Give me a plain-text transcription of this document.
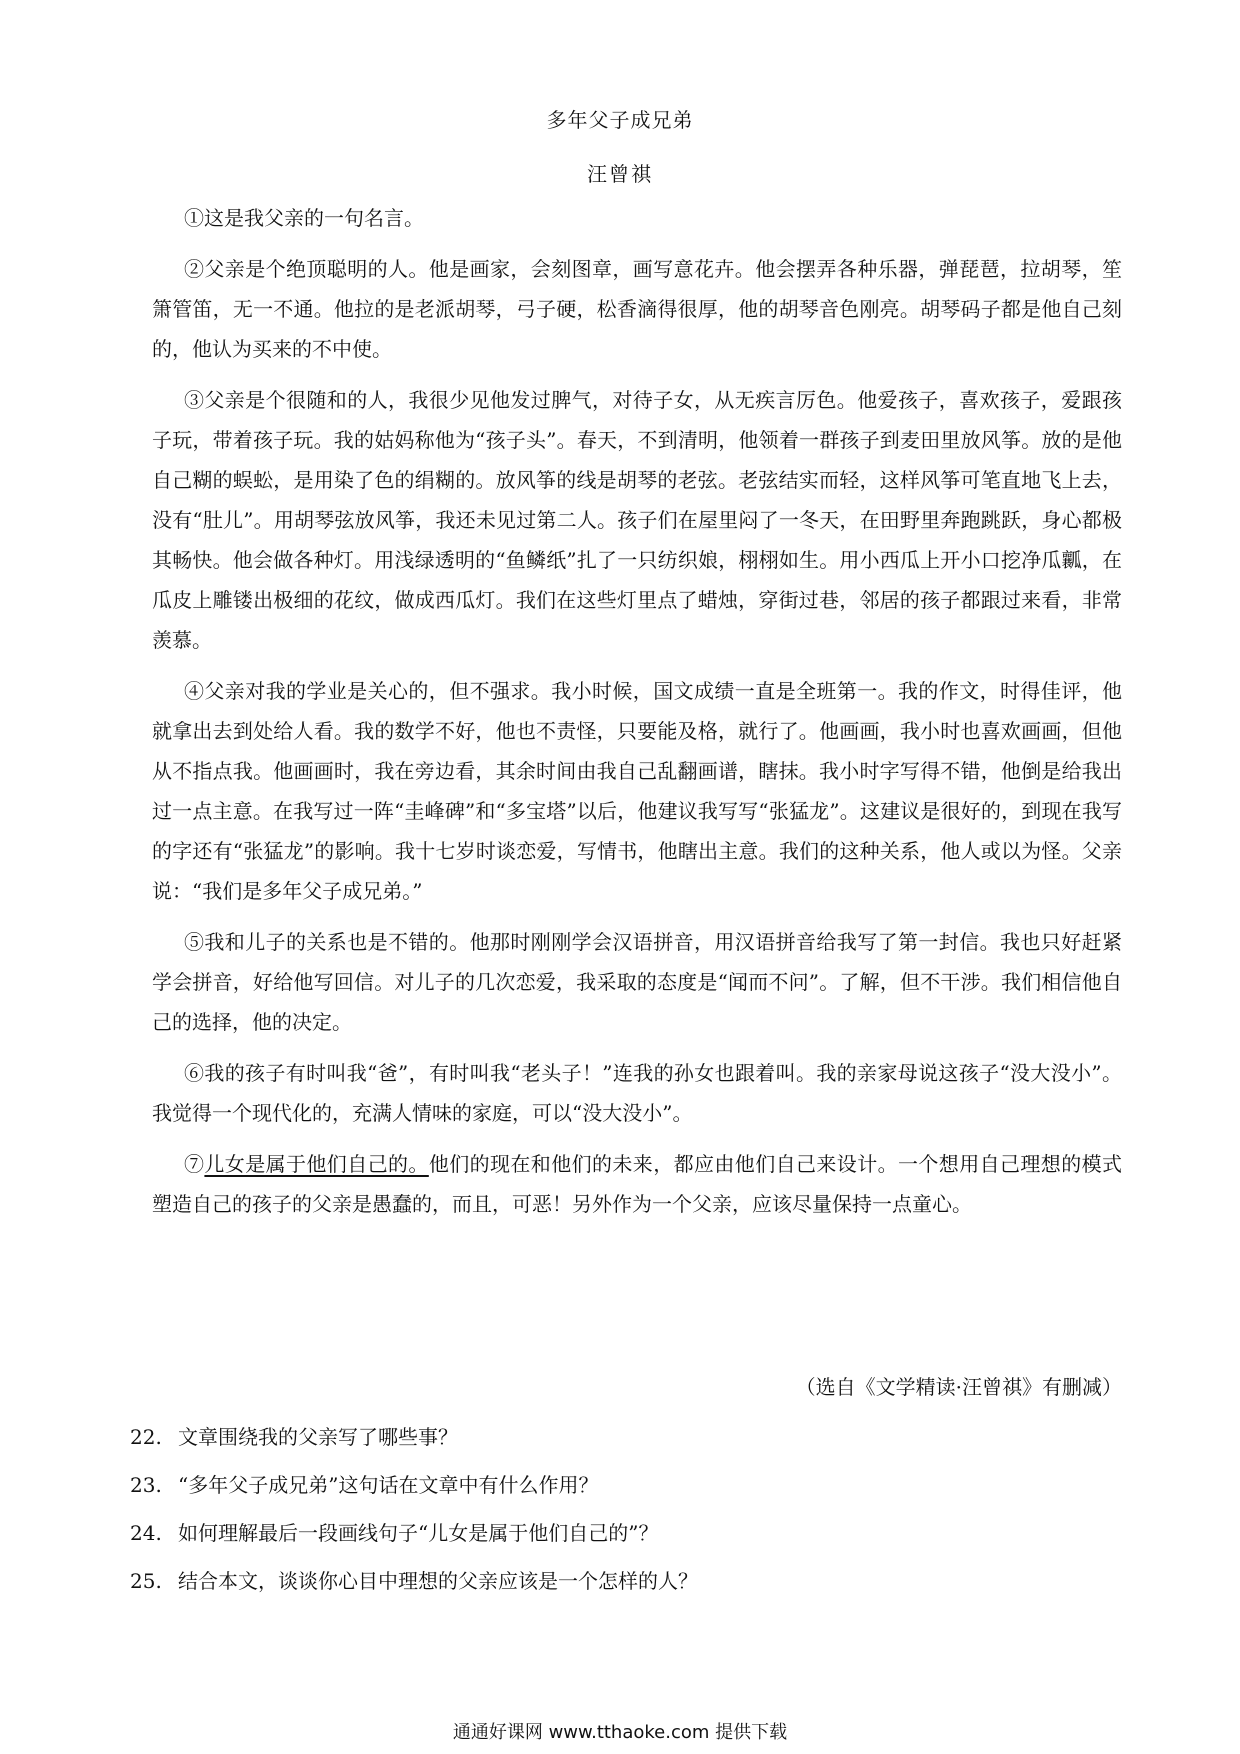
多年父子成兄弟
汪曾祺

①这是我父亲的一句名言。

②父亲是个绝顶聪明的人。他是画家，会刻图章，画写意花卉。他会摆弄各种乐器，弹琵琶，拉胡琴，笙箫管笛，无一不通。他拉的是老派胡琴，弓子硬，松香滴得很厚，他的胡琴音色刚亮。胡琴码子都是他自己刻的，他认为买来的不中使。

③父亲是个很随和的人，我很少见他发过脾气，对待子女，从无疾言厉色。他爱孩子，喜欢孩子，爱跟孩子玩，带着孩子玩。我的姑妈称他为“孩子头”。春天，不到清明，他领着一群孩子到麦田里放风筝。放的是他自己糊的蜈蚣，是用染了色的绢糊的。放风筝的线是胡琴的老弦。老弦结实而轻，这样风筝可笔直地飞上去，没有“肚儿”。用胡琴弦放风筝，我还未见过第二人。孩子们在屋里闷了一冬天，在田野里奔跑跳跃，身心都极其畅快。他会做各种灯。用浅绿透明的“鱼鳞纸”扎了一只纺织娘，栩栩如生。用小西瓜上开小口挖净瓜瓤，在瓜皮上雕镂出极细的花纹，做成西瓜灯。我们在这些灯里点了蜡烛，穿街过巷，邻居的孩子都跟过来看，非常羡慕。

④父亲对我的学业是关心的，但不强求。我小时候，国文成绩一直是全班第一。我的作文，时得佳评，他就拿出去到处给人看。我的数学不好，他也不责怪，只要能及格，就行了。他画画，我小时也喜欢画画，但他从不指点我。他画画时，我在旁边看，其余时间由我自己乱翻画谱，瞎抹。我小时字写得不错，他倒是给我出过一点主意。在我写过一阵“圭峰碑”和“多宝塔”以后，他建议我写写“张猛龙”。这建议是很好的，到现在我写的字还有“张猛龙”的影响。我十七岁时谈恋爱，写情书，他瞎出主意。我们的这种关系，他人或以为怪。父亲说：“我们是多年父子成兄弟。”

⑤我和儿子的关系也是不错的。他那时刚刚学会汉语拼音，用汉语拼音给我写了第一封信。我也只好赶紧学会拼音，好给他写回信。对儿子的几次恋爱，我采取的态度是“闻而不问”。了解，但不干涉。我们相信他自己的选择，他的决定。

⑥我的孩子有时叫我“爸”，有时叫我“老头子！”连我的孙女也跟着叫。我的亲家母说这孩子“没大没小”。我觉得一个现代化的，充满人情味的家庭，可以“没大没小”。

⑦儿女是属于他们自己的。他们的现在和他们的未来，都应由他们自己来设计。一个想用自己理想的模式塑造自己的孩子的父亲是愚蠢的，而且，可恶！另外作为一个父亲，应该尽量保持一点童心。

（选自《文学精读·汪曾祺》有删减）
22. 文章围绕我的父亲写了哪些事？
23. “多年父子成兄弟”这句话在文章中有什么作用？
24. 如何理解最后一段画线句子“儿女是属于他们自己的”？
25. 结合本文，谈谈你心目中理想的父亲应该是一个怎样的人？
通通好课网 www.tthaoke.com 提供下载
